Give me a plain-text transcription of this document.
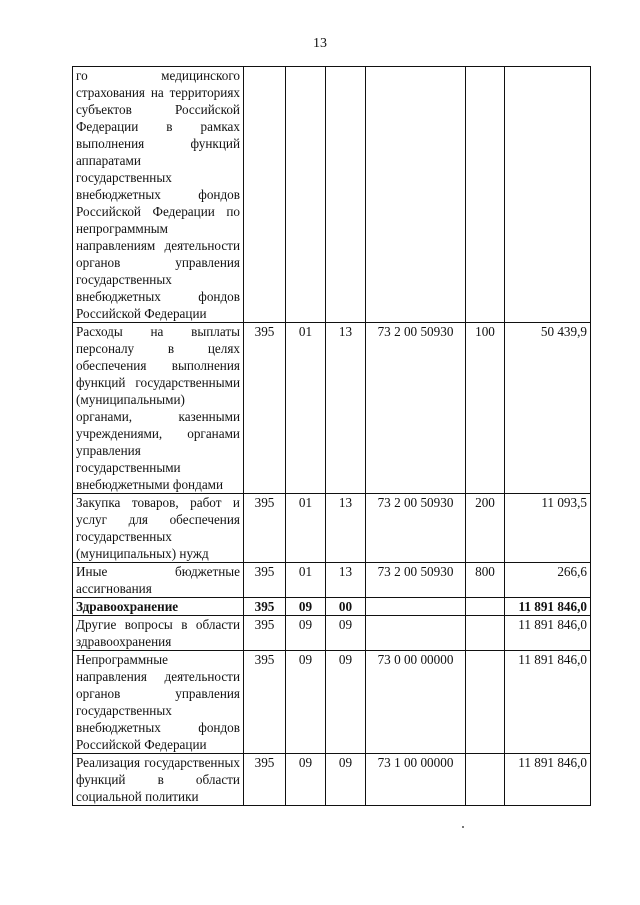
13
го медицинского страхования на территориях субъектов Российской Федерации в рамках выполнения функций аппаратами государственных внебюджетных фондов Российской Федерации по непрограммным направлениям деятельности органов управления государственных внебюджетных фондов Российской Федерации						
Расходы на выплаты персоналу в целях обеспечения выполнения функций государственными (муниципальными) органами, казенными учреждениями, органами управления государственными внебюджетными фондами	395	01	13	73 2 00 50930	100	50 439,9
Закупка товаров, работ и услуг для обеспечения государственных (муниципальных) нужд	395	01	13	73 2 00 50930	200	11 093,5
Иные бюджетные ассигнования	395	01	13	73 2 00 50930	800	266,6
Здравоохранение	395	09	00			11 891 846,0
Другие вопросы в области здравоохранения	395	09	09			11 891 846,0
Непрограммные направления деятельности органов управления государственных внебюджетных фондов Российской Федерации	395	09	09	73 0 00 00000		11 891 846,0
Реализация государственных функций в области социальной политики	395	09	09	73 1 00 00000		11 891 846,0
